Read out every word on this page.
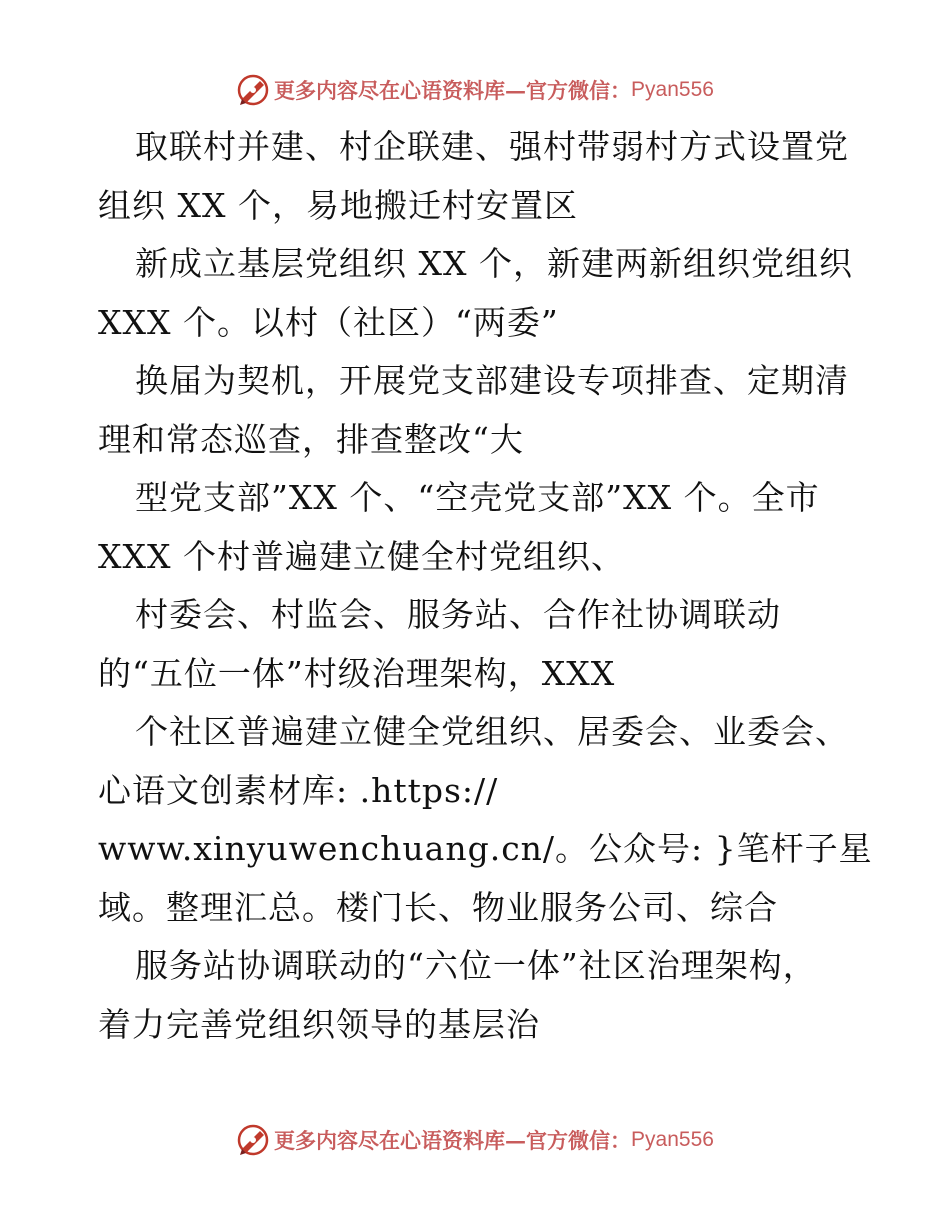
更多内容尽在心语资料库—官方微信： Pyan556
取联村并建、村企联建、强村带弱村方式设置党
组织 XX 个，易地搬迁村安置区
新成立基层党组织 XX 个，新建两新组织党组织
XXX 个。以村（社区）“两委”
换届为契机，开展党支部建设专项排查、定期清
理和常态巡查，排查整改“大
型党支部”XX 个、“空壳党支部”XX 个。全市
XXX 个村普遍建立健全村党组织、
村委会、村监会、服务站、合作社协调联动
的“五位一体”村级治理架构，XXX
个社区普遍建立健全党组织、居委会、业委会、
心语文创素材库: .https://
www.xinyuwenchuang.cn/。公众号: }笔杆子星
域。整理汇总。楼门长、物业服务公司、综合
服务站协调联动的“六位一体”社区治理架构，
着力完善党组织领导的基层治
更多内容尽在心语资料库—官方微信： Pyan556
